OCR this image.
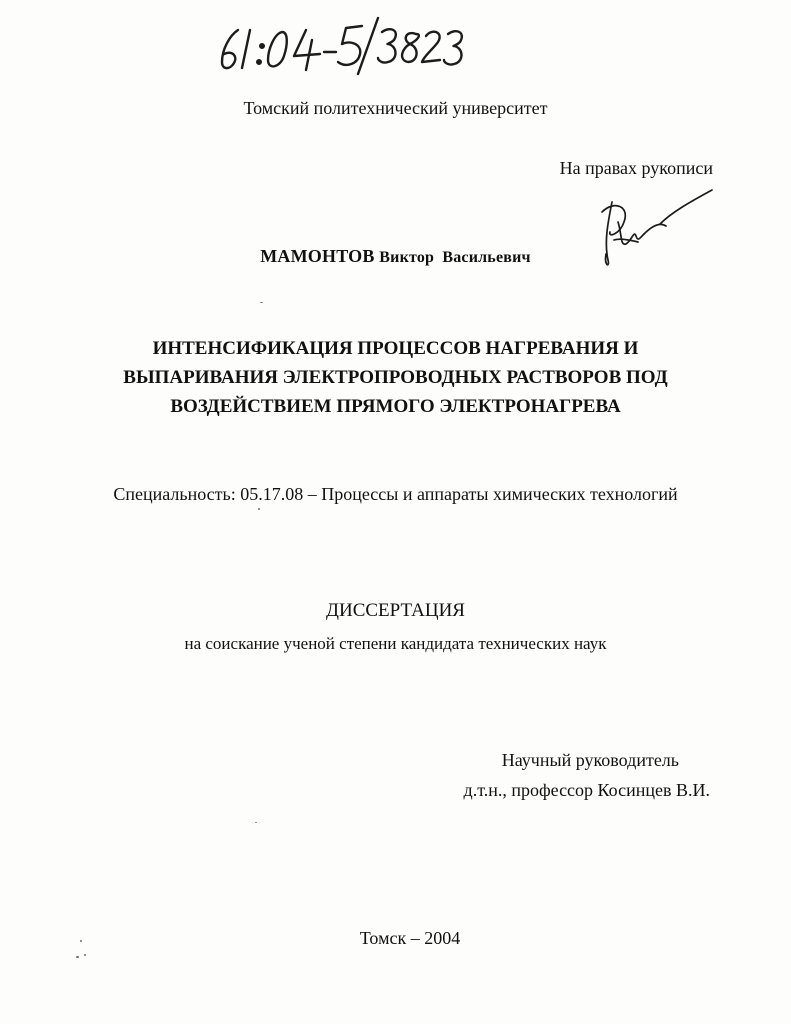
Томский политехнический университет
На правах рукописи
МАМОНТОВ Виктор Васильевич
ИНТЕНСИФИКАЦИЯ ПРОЦЕССОВ НАГРЕВАНИЯ И
ВЫПАРИВАНИЯ ЭЛЕКТРОПРОВОДНЫХ РАСТВОРОВ ПОД
ВОЗДЕЙСТВИЕМ ПРЯМОГО ЭЛЕКТРОНАГРЕВА
Специальность: 05.17.08 – Процессы и аппараты химических технологий
ДИССЕРТАЦИЯ
на соискание ученой степени кандидата технических наук
Научный руководитель
д.т.н., профессор Косинцев В.И.
Томск – 2004
